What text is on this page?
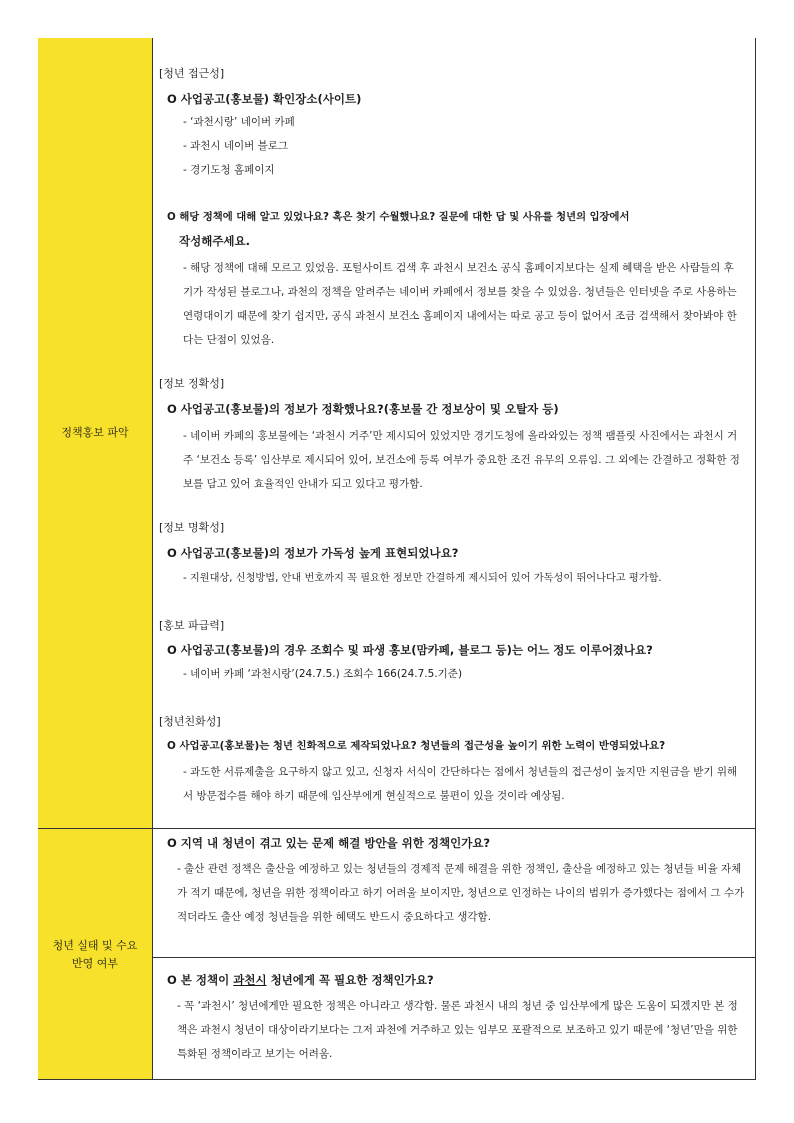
정책홍보 파악
[청년 접근성]
O 사업공고(홍보물) 확인장소(사이트)
- ‘과천시랑’ 네이버 카페
- 과천시 네이버 블로그
- 경기도청 홈페이지
O 해당 정책에 대해 알고 있었나요? 혹은 찾기 수월했나요? 질문에 대한 답 및 사유를 청년의 입장에서
작성해주세요.
- 해당 정책에 대해 모르고 있었음. 포털사이트 검색 후 과천시 보건소 공식 홈페이지보다는 실제 혜택을 받은 사람들의 후기가 작성된 블로그나, 과천의 정책을 알려주는 네이버 카페에서 정보를 찾을 수 있었음. 청년들은 인터넷을 주로 사용하는 연령대이기 때문에 찾기 쉽지만, 공식 과천시 보건소 홈페이지 내에서는 따로 공고 등이 없어서 조금 검색해서 찾아봐야 한다는 단점이 있었음.
[정보 정확성]
O 사업공고(홍보물)의 정보가 정확했나요?(홍보물 간 정보상이 및 오탈자 등)
- 네이버 카페의 홍보물에는 ‘과천시 거주’만 제시되어 있었지만 경기도청에 올라와있는 정책 팸플릿 사진에서는 과천시 거주 ‘보건소 등록’ 임산부로 제시되어 있어, 보건소에 등록 여부가 중요한 조건 유무의 오류임. 그 외에는 간결하고 정확한 정보를 담고 있어 효율적인 안내가 되고 있다고 평가함.
[정보 명확성]
O 사업공고(홍보물)의 정보가 가독성 높게 표현되었나요?
- 지원대상, 신청방법, 안내 번호까지 꼭 필요한 정보만 간결하게 제시되어 있어 가독성이 뛰어나다고 평가함.
[홍보 파급력]
O 사업공고(홍보물)의 경우 조회수 및 파생 홍보(맘카페, 블로그 등)는 어느 정도 이루어졌나요?
- 네이버 카페 ‘과천시랑’(24.7.5.) 조회수 166(24.7.5.기준)
[청년친화성]
O 사업공고(홍보물)는 청년 친화적으로 제작되었나요? 청년들의 접근성을 높이기 위한 노력이 반영되었나요?
- 과도한 서류제출을 요구하지 않고 있고, 신청자 서식이 간단하다는 점에서 청년들의 접근성이 높지만 지원금을 받기 위해서 방문접수를 해야 하기 때문에 임산부에게 현실적으로 불편이 있을 것이라 예상됨.
청년 실태 및 수요 반영 여부
O 지역 내 청년이 겪고 있는 문제 해결 방안을 위한 정책인가요?
- 출산 관련 정책은 출산을 예정하고 있는 청년들의 경제적 문제 해결을 위한 정책인, 출산을 예정하고 있는 청년들 비율 자체가 적기 때문에, 청년을 위한 정책이라고 하기 어려울 보이지만, 청년으로 인정하는 나이의 범위가 증가했다는 점에서 그 수가 적더라도 출산 예정 청년들을 위한 혜택도 반드시 중요하다고 생각함.
O 본 정책이 과천시 청년에게 꼭 필요한 정책인가요?
- 꼭 ‘과천시’ 청년에게만 필요한 정책은 아니라고 생각함. 물론 과천시 내의 청년 중 임산부에게 많은 도움이 되겠지만 본 정책은 과천시 청년이 대상이라기보다는 그저 과천에 거주하고 있는 임부모 포괄적으로 보조하고 있기 때문에 ‘청년’만을 위한 특화된 정책이라고 보기는 어려움.
